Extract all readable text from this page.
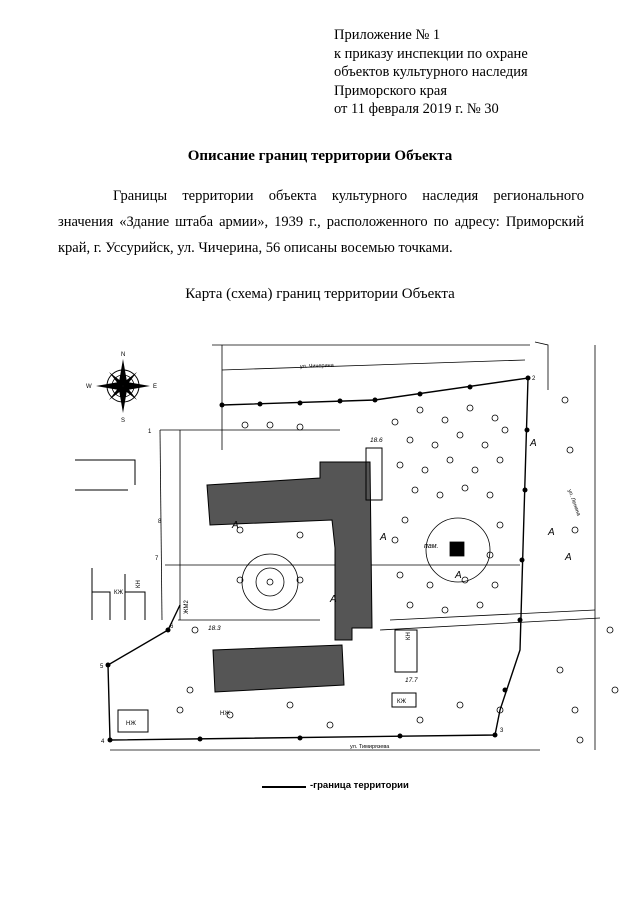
Приложение № 1
к приказу инспекции по охране
объектов культурного наследия
Приморского края
от 11 февраля 2019 г. № 30
Описание границ территории Объекта
Границы территории объекта культурного наследия регионального значения «Здание штаба армии», 1939 г., расположенного по адресу: Приморский край, г. Уссурийск, ул. Чичерина, 56 описаны восемью точками.
Карта (схема) границ территории Объекта
N
S
W	E
КЖ
НЖ
КН
ЖМ2
ул. Чичерина
ул. Тимирязева
ул. Ленина
пам.
КЖ
КН
НЖ
1
2
3
4
5
6
7
8
18.6
18.3
17.7
А
А
А
А
А
А
А
-граница территории
